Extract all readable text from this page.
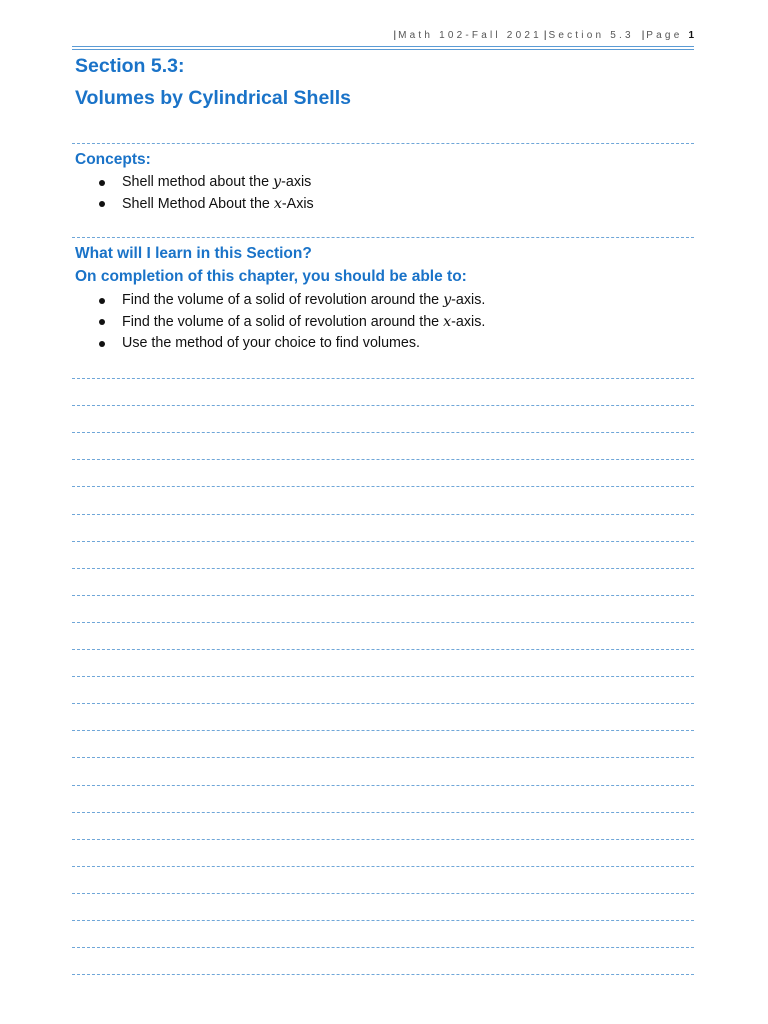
| Math 102-Fall 2021 | Section 5.3 | Page 1
Section 5.3:
Volumes by Cylindrical Shells
Concepts:
Shell method about the y-axis
Shell Method About the x-Axis
What will I learn in this Section?
On completion of this chapter, you should be able to:
Find the volume of a solid of revolution around the y-axis.
Find the volume of a solid of revolution around the x-axis.
Use the method of your choice to find volumes.
